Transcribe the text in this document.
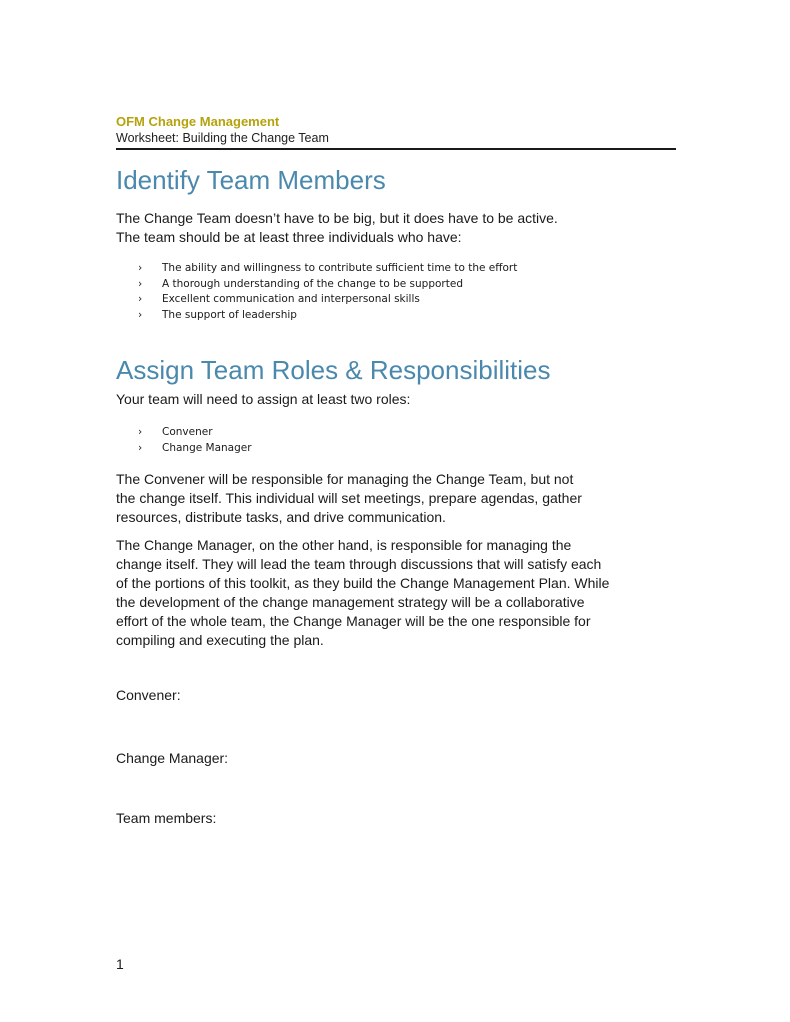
OFM Change Management
Worksheet: Building the Change Team
Identify Team Members
The Change Team doesn’t have to be big, but it does have to be active.
The team should be at least three individuals who have:
› The ability and willingness to contribute sufficient time to the effort
› A thorough understanding of the change to be supported
› Excellent communication and interpersonal skills
› The support of leadership
Assign Team Roles & Responsibilities
Your team will need to assign at least two roles:
› Convener
› Change Manager
The Convener will be responsible for managing the Change Team, but not
the change itself. This individual will set meetings, prepare agendas, gather
resources, distribute tasks, and drive communication.
The Change Manager, on the other hand, is responsible for managing the
change itself. They will lead the team through discussions that will satisfy each
of the portions of this toolkit, as they build the Change Management Plan. While
the development of the change management strategy will be a collaborative
effort of the whole team, the Change Manager will be the one responsible for
compiling and executing the plan.
Convener:
Change Manager:
Team members:
1
